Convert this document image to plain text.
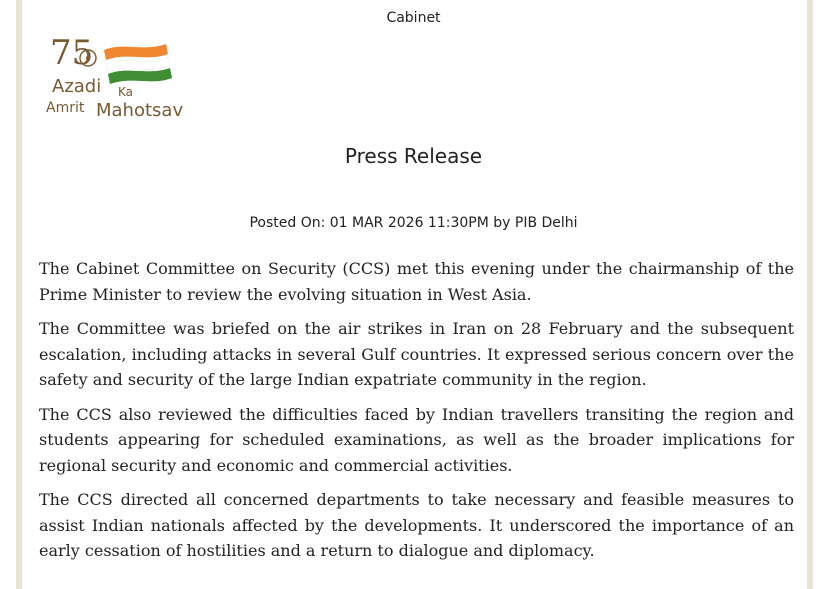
Cabinet
75
Azadi Ka
Amrit Mahotsav
Press Release
Posted On: 01 MAR 2026 11:30PM by PIB Delhi

The Cabinet Committee on Security (CCS) met this evening under the chairmanship of the Prime Minister to review the evolving situation in West Asia.

The Committee was briefed on the air strikes in Iran on 28 February and the subsequent escalation, including attacks in several Gulf countries. It expressed serious concern over the safety and security of the large Indian expatriate community in the region.

The CCS also reviewed the difficulties faced by Indian travellers transiting the region and students appearing for scheduled examinations, as well as the broader implications for regional security and economic and commercial activities.

The CCS directed all concerned departments to take necessary and feasible measures to assist Indian nationals affected by the developments. It underscored the importance of an early cessation of hostilities and a return to dialogue and diplomacy.
